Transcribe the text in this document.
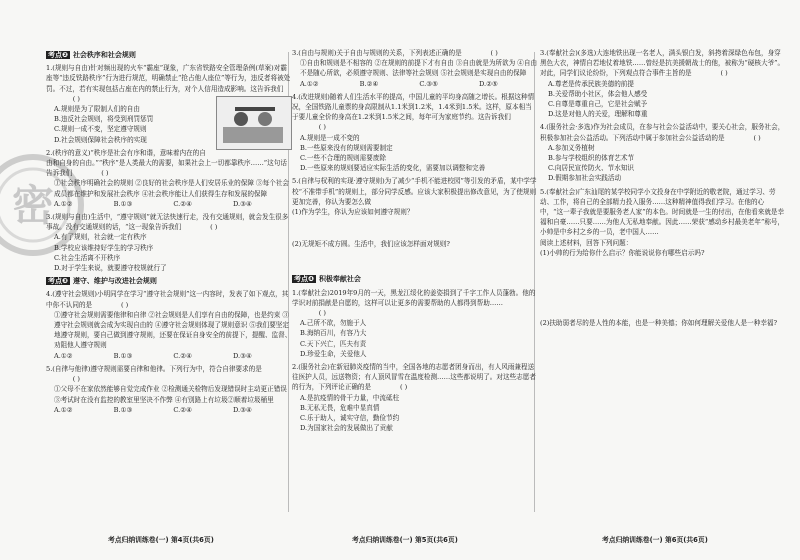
密
考点❷ 社会秩序和社会规则
1.(规则与自由)针对频出现的火车“霸座”现象，广东省铁路安全管理条例(草案)对霸座等“违反铁路秩序”行为进行规范，明确禁止“抢占他人座位”等行为，违反者将被处罚。不过，若有实现包括占座在内的禁止行为，对个人信用造成影响。这告诉我们 ( )
A.规则是为了限制人们的自由
B.违反社会规则，将受到刑罚惩罚
C.规则一成不变，坚定遵守规则
D.社会规则保障社会秩序的实现
2.(秩序的意义)“秩序是社会有序和谐，意味着内在的自由和自身的自由。”“秩序”是人类最大的需要，如果社会上一切都靠秩序……”这句话告诉我们	( )
①社会秩序明确社会的规则 ②良好的社会秩序是人们安居乐业的保障 ③每个社会成员都在维护和发展社会秩序 ④社会秩序能让人们获得生存和发展的保障
A.①②	B.①③	C.②④	D.③④
3.(规则与自由)生活中，“遵守规则”就无法快速行走，没有交通规则，就会发生很多事故。没有交通规则的话，“这一现象告诉我们	( )
A.有了规则，社会就一定有秩序
B.学校应该维持好学生的学习秩序
C.社会生活离不开秩序
D.对于学生来说，就要遵守校规就行了
考点❸ 遵守、维护与改进社会规则
4.(遵守社会规则)小明同学在学习“遵守社会规则”这一内容时，发表了如下观点，其中你不认同的是	( )
①遵守社会规则需要他律和自律 ②社会规则是人们享有自由的保障，也是约束 ③遵守社会规则就会成为实现自由的 ④遵守社会规则体现了规则意识 ⑤我们要坚定地遵守规则，要自己做到遵守规则，还要在保证自身安全的前提下，提醒、监督、劝阻他人遵守规则
A.①②	B.①③	C.②④	D.③④
5.(自律与他律)遵守规则需要自律和他律。下列行为中，符合自律要求的是 ( )
①父母不在家依然能够自觉完成作业 ②检测通关检物后发现错误时主动更正错误 ③考试时在没有监控的教室里坚决不作弊 ④有别路上有垃圾②顺着垃圾桶里
A.①②	B.①③	C.②④	D.③④
3.(自由与规则)关于自由与规则的关系，下列表述正确的是	( )
①自由和规则是不相容的 ②在规则的前提下才有自由 ③自由就是为所欲为 ④自由不是随心所欲，必须遵守规则、法律等社会规则 ⑤社会规则是实现自由的保障
A.①②	B.②④	C.③⑤	D.②⑤
4.(改进规则)随着人们生活水平的提高，中国儿童的平均身高随之增长。根据这种情况，全国铁路儿童票的身高限制从1.1米到1.2米，1.4米到1.5米。这样，原本相当于要儿童全价的身高在1.2米到1.5米之间，每年可为家庭节约。这告诉我们 ( )
A.规则是一成不变的
B.一些原来没有的规则需要制定
C.一些不合理的规则需要废除
D.一些原来的规则要适应实际生活的变化，需要加以调整和完善
5.(自律与权利的实现·遵守规则)为了减少“手机不能进校园”等引发的矛盾，某中学学校“不准带手机”的规则上，部分同学反感。应该大家积极提出修改意见，为了使规则更加完善，你认为要怎么做
(1)作为学生，你认为应该如何遵守规则？
(2)无规矩不成方圆。生活中，我们应该怎样面对规则?
考点❹ 积极奉献社会
1.(奉献社会)2019年9月的一天，黑龙江绥化的姜姿捐到了千字工作人员蓬勃。他的学识对前捐献是自愿的，这样可以让更多的需要帮助的人都得到帮助…… ( )
A.己所不欲，勿施于人
B.海纳百川，有容乃大
C.天下兴亡，匹夫有责
D.珍爱生命，关爱他人
2.(服务社会)在新冠肺炎疫情的当中，全国各地的志愿者团身而出，有人风雨兼程送往医护人员，远送物资；有人顶风冒雪在温度检测……这些都说明了。对这些志愿者的行为，下列评论正确的是	( )
A.是抗疫情的骨干力量，中流砥柱
B.无私无畏，危难中显真情
C.乐于助人，诚实守信，勤俭节约
D.为国家社会的发展做出了贡献
3.(奉献社会)(多选)大连地铁出现一名老人，满头银白发，斜挎着深绿色布包，身穿黑色大衣，神情自若地仗着地铁……曾经是抗美援朝战士的他，被称为“硬核大爷”。对此，同学们议论纷纷，下列观点符合事件主旨的是	( )
A.尊老是传承民族美德的前提
B.关爱帮助小社区，体会他人感受
C.自尊是尊重自己，它是社会赋予
D.这是对他人的关爱，理解和尊重
4.(服务社会·多选)作为社会成员，在参与社会公益活动中，要关心社会，服务社会，积极参加社会公益活动。下列活动中属于参加社会公益活动的是	( )
A.参加义务植树
B.参与学校组织的体育艺术节
C.向居民宣传防火、节水知识
D.假期参加社会实践活动
5.(奉献社会)广东汕尾的某学校同学小文投身在中学附近的敬老院，通过学习、劳动、工作，将自己的全部精力投入服务……这种精神值得我们学习。在他的心中，“这一辈子我就是要服务老人家”的本色。时间就是一生的付出，在他看来就是幸福和自豪……只要……为他人无私地奉献。因此……荣获“感动乡村最美老年”称号，小帅是中乡村之乡的一员，老中国人……
阅读上述材料，回答下列问题：
(1)小帅的行为给你什么启示？你能说说你有哪些启示吗?
(2)扶助弱者尽的是人性的本能，也是一种美德；你如何理解关爱他人是一种幸福?
考点归纳训练卷(一) 第4页(共6页)	考点归纳训练卷(一) 第5页(共6页)	考点归纳训练卷(一) 第6页(共6页)
